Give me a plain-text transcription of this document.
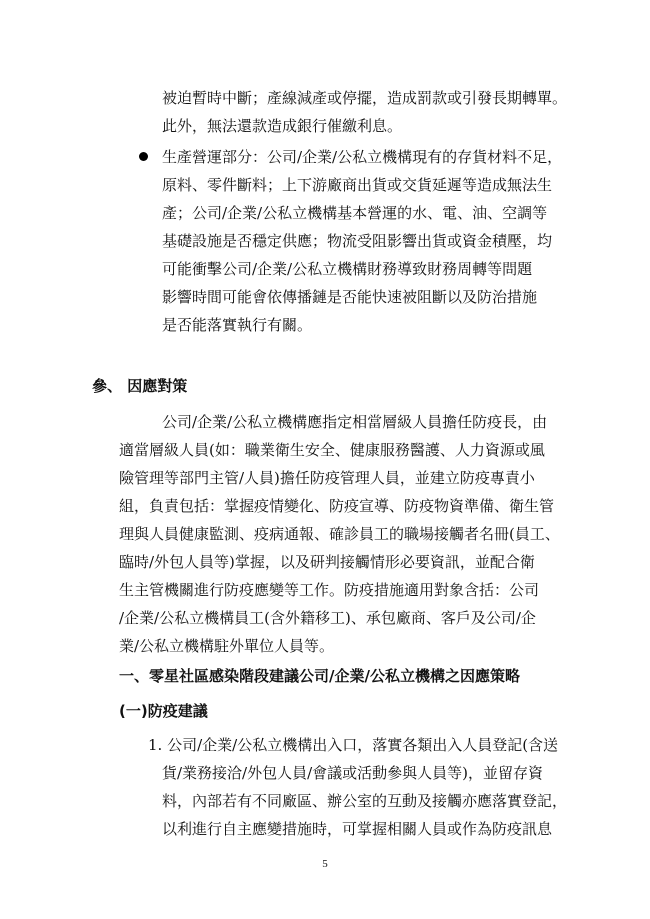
被迫暫時中斷；產線減產或停擺，造成罰款或引發長期轉單。
此外，無法還款造成銀行催繳利息。
生產營運部分：公司/企業/公私立機構現有的存貨材料不足，
原料、零件斷料；上下游廠商出貨或交貨延遲等造成無法生
產；公司/企業/公私立機構基本營運的水、電、油、空調等
基礎設施是否穩定供應；物流受阻影響出貨或資金積壓，均
可能衝擊公司/企業/公私立機構財務導致財務周轉等問題
影響時間可能會依傳播鏈是否能快速被阻斷以及防治措施
是否能落實執行有關。
參、 因應對策
公司/企業/公私立機構應指定相當層級人員擔任防疫長，由
適當層級人員(如：職業衛生安全、健康服務醫護、人力資源或風
險管理等部門主管/人員)擔任防疫管理人員，並建立防疫專責小
組，負責包括：掌握疫情變化、防疫宣導、防疫物資準備、衛生管
理與人員健康監測、疫病通報、確診員工的職場接觸者名冊(員工、
臨時/外包人員等)掌握，以及研判接觸情形必要資訊，並配合衛
生主管機關進行防疫應變等工作。防疫措施適用對象含括：公司
/企業/公私立機構員工(含外籍移工)、承包廠商、客戶及公司/企
業/公私立機構駐外單位人員等。
一、零星社區感染階段建議公司/企業/公私立機構之因應策略
(一)防疫建議
1. 公司/企業/公私立機構出入口，落實各類出入人員登記(含送
貨/業務接洽/外包人員/會議或活動參與人員等)，並留存資
料，內部若有不同廠區、辦公室的互動及接觸亦應落實登記，
以利進行自主應變措施時，可掌握相關人員或作為防疫訊息
5
